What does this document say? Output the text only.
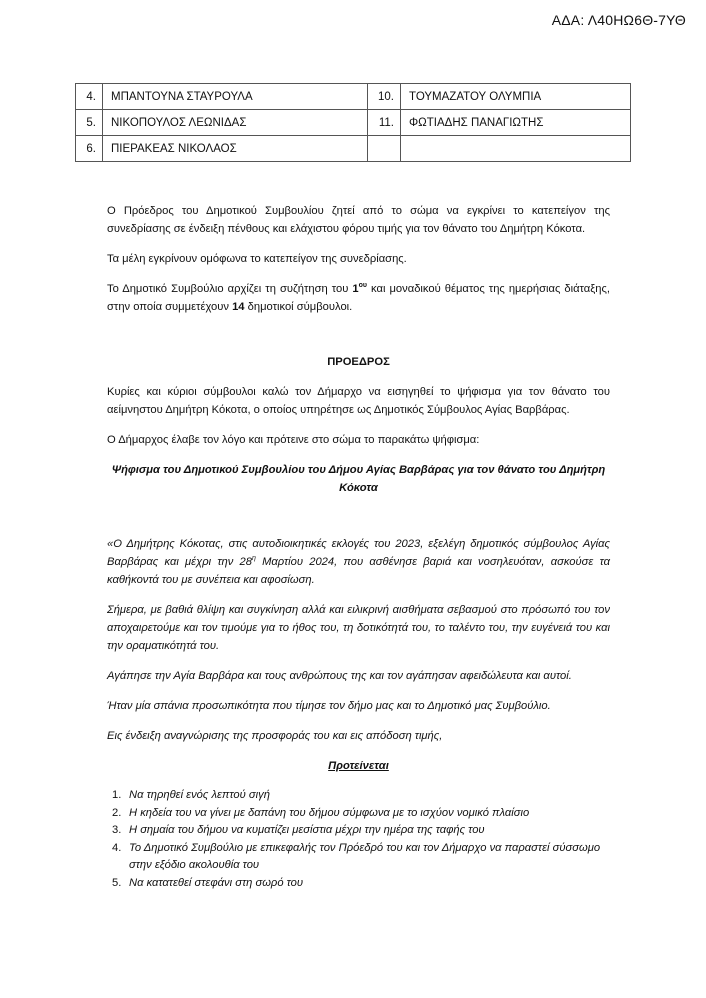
ΑΔΑ: Λ40ΗΩ6Θ-7ΥΘ
4.	ΜΠΑΝΤΟΥΝΑ ΣΤΑΥΡΟΥΛΑ	10.	ΤΟΥΜΑΖΑΤΟΥ ΟΛΥΜΠΙΑ
5.	ΝΙΚΟΠΟΥΛΟΣ ΛΕΩΝΙΔΑΣ	11.	ΦΩΤΙΑΔΗΣ ΠΑΝΑΓΙΩΤΗΣ
6.	ΠΙΕΡΑΚΕΑΣ ΝΙΚΟΛΑΟΣ		

Ο Πρόεδρος του Δημοτικού Συμβουλίου ζητεί από το σώμα να εγκρίνει το κατεπείγον της συνεδρίασης σε ένδειξη πένθους και ελάχιστου φόρου τιμής για τον θάνατο του Δημήτρη Κόκοτα.

Τα μέλη εγκρίνουν ομόφωνα το κατεπείγον της συνεδρίασης.

Το Δημοτικό Συμβούλιο αρχίζει τη συζήτηση του $1^{o\upsilon}$ και μοναδικού θέματος της ημερήσιας διάταξης, στην οποία συμμετέχουν 14 δημοτικοί σύμβουλοι.

ΠΡΟΕΔΡΟΣ

Κυρίες και κύριοι σύμβουλοι καλώ τον Δήμαρχο να εισηγηθεί το ψήφισμα για τον θάνατο του αείμνηστου Δημήτρη Κόκοτα, ο οποίος υπηρέτησε ως Δημοτικός Σύμβουλος Αγίας Βαρβάρας.

Ο Δήμαρχος έλαβε τον λόγο και πρότεινε στο σώμα το παρακάτω ψήφισμα:

Ψήφισμα του Δημοτικού Συμβουλίου του Δήμου Αγίας Βαρβάρας για τον θάνατο του Δημήτρη Κόκοτα

«Ο Δημήτρης Κόκοτας, στις αυτοδιοικητικές εκλογές του 2023, εξελέγη δημοτικός σύμβουλος Αγίας Βαρβάρας και μέχρι την $28^\eta$ Μαρτίου 2024, που ασθένησε βαριά και νοσηλευόταν, ασκούσε τα καθήκοντά του με συνέπεια και αφοσίωση.

Σήμερα, με βαθιά θλίψη και συγκίνηση αλλά και ειλικρινή αισθήματα σεβασμού στο πρόσωπό του τον αποχαιρετούμε και τον τιμούμε για το ήθος του, τη δοτικότητά του, το ταλέντο του, την ευγένειά του και την οραματικότητά του.

Αγάπησε την Αγία Βαρβάρα και τους ανθρώπους της και τον αγάπησαν αφειδώλευτα και αυτοί.

Ήταν μία σπάνια προσωπικότητα που τίμησε τον δήμο μας και το Δημοτικό μας Συμβούλιο.

Εις ένδειξη αναγνώρισης της προσφοράς του και εις απόδοση τιμής,

Προτείνεται

1. Να τηρηθεί ενός λεπτού σιγή
2. Η κηδεία του να γίνει με δαπάνη του δήμου σύμφωνα με το ισχύον νομικό πλαίσιο
3. Η σημαία του δήμου να κυματίζει μεσίστια μέχρι την ημέρα της ταφής του
4. Το Δημοτικό Συμβούλιο με επικεφαλής τον Πρόεδρό του και τον Δήμαρχο να παραστεί σύσσωμο στην εξόδιο ακολουθία του
5. Να κατατεθεί στεφάνι στη σωρό του
